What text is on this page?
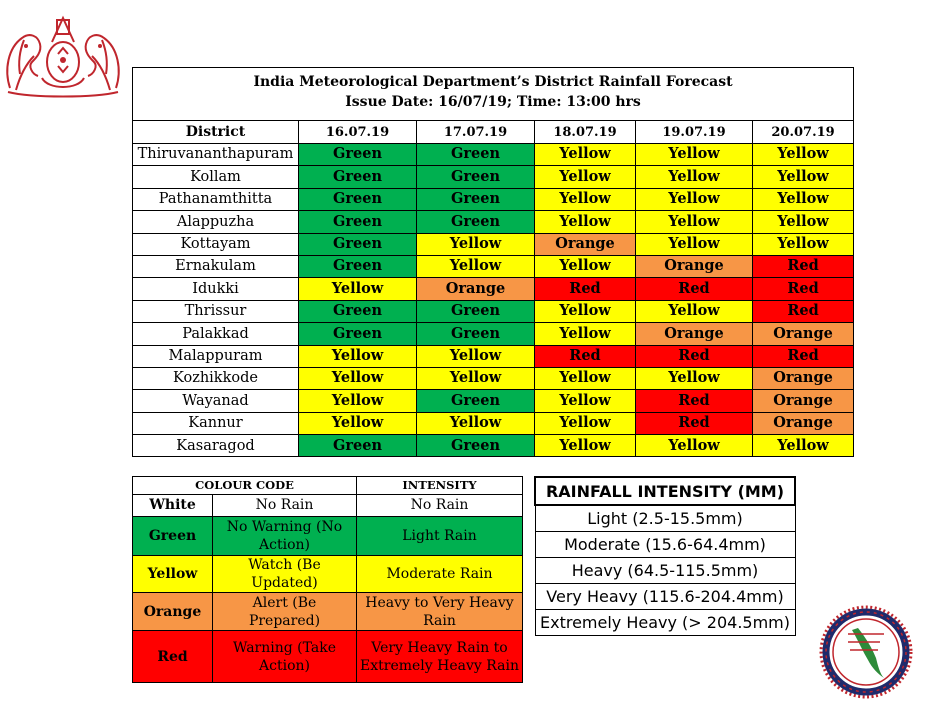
India Meteorological Department’s District Rainfall Forecast
Issue Date: 16/07/19; Time: 13:00 hrs					

District	16.07.19	17.07.19	18.07.19	19.07.19	20.07.19
Thiruvananthapuram	Green	Green	Yellow	Yellow	Yellow
Kollam	Green	Green	Yellow	Yellow	Yellow
Pathanamthitta	Green	Green	Yellow	Yellow	Yellow
Alappuzha	Green	Green	Yellow	Yellow	Yellow
Kottayam	Green	Yellow	Orange	Yellow	Yellow
Ernakulam	Green	Yellow	Yellow	Orange	Red
Idukki	Yellow	Orange	Red	Red	Red
Thrissur	Green	Green	Yellow	Yellow	Red
Palakkad	Green	Green	Yellow	Orange	Orange
Malappuram	Yellow	Yellow	Red	Red	Red
Kozhikkode	Yellow	Yellow	Yellow	Yellow	Orange
Wayanad	Yellow	Green	Yellow	Red	Orange
Kannur	Yellow	Yellow	Yellow	Red	Orange
Kasaragod	Green	Green	Yellow	Yellow	Yellow
COLOUR CODE		INTENSITY
White	No Rain	No Rain
Green	No Warning (No Action)	Light Rain
Yellow	Watch (Be Updated)	Moderate Rain
Orange	Alert (Be Prepared)	Heavy to Very Heavy Rain
Red	Warning (Take Action)	Very Heavy Rain to Extremely Heavy Rain
RAINFALL INTENSITY (MM)
Light (2.5-15.5mm)
Moderate (15.6-64.4mm)
Heavy (64.5-115.5mm)
Very Heavy (115.6-204.4mm)
Extremely Heavy (> 204.5mm)
